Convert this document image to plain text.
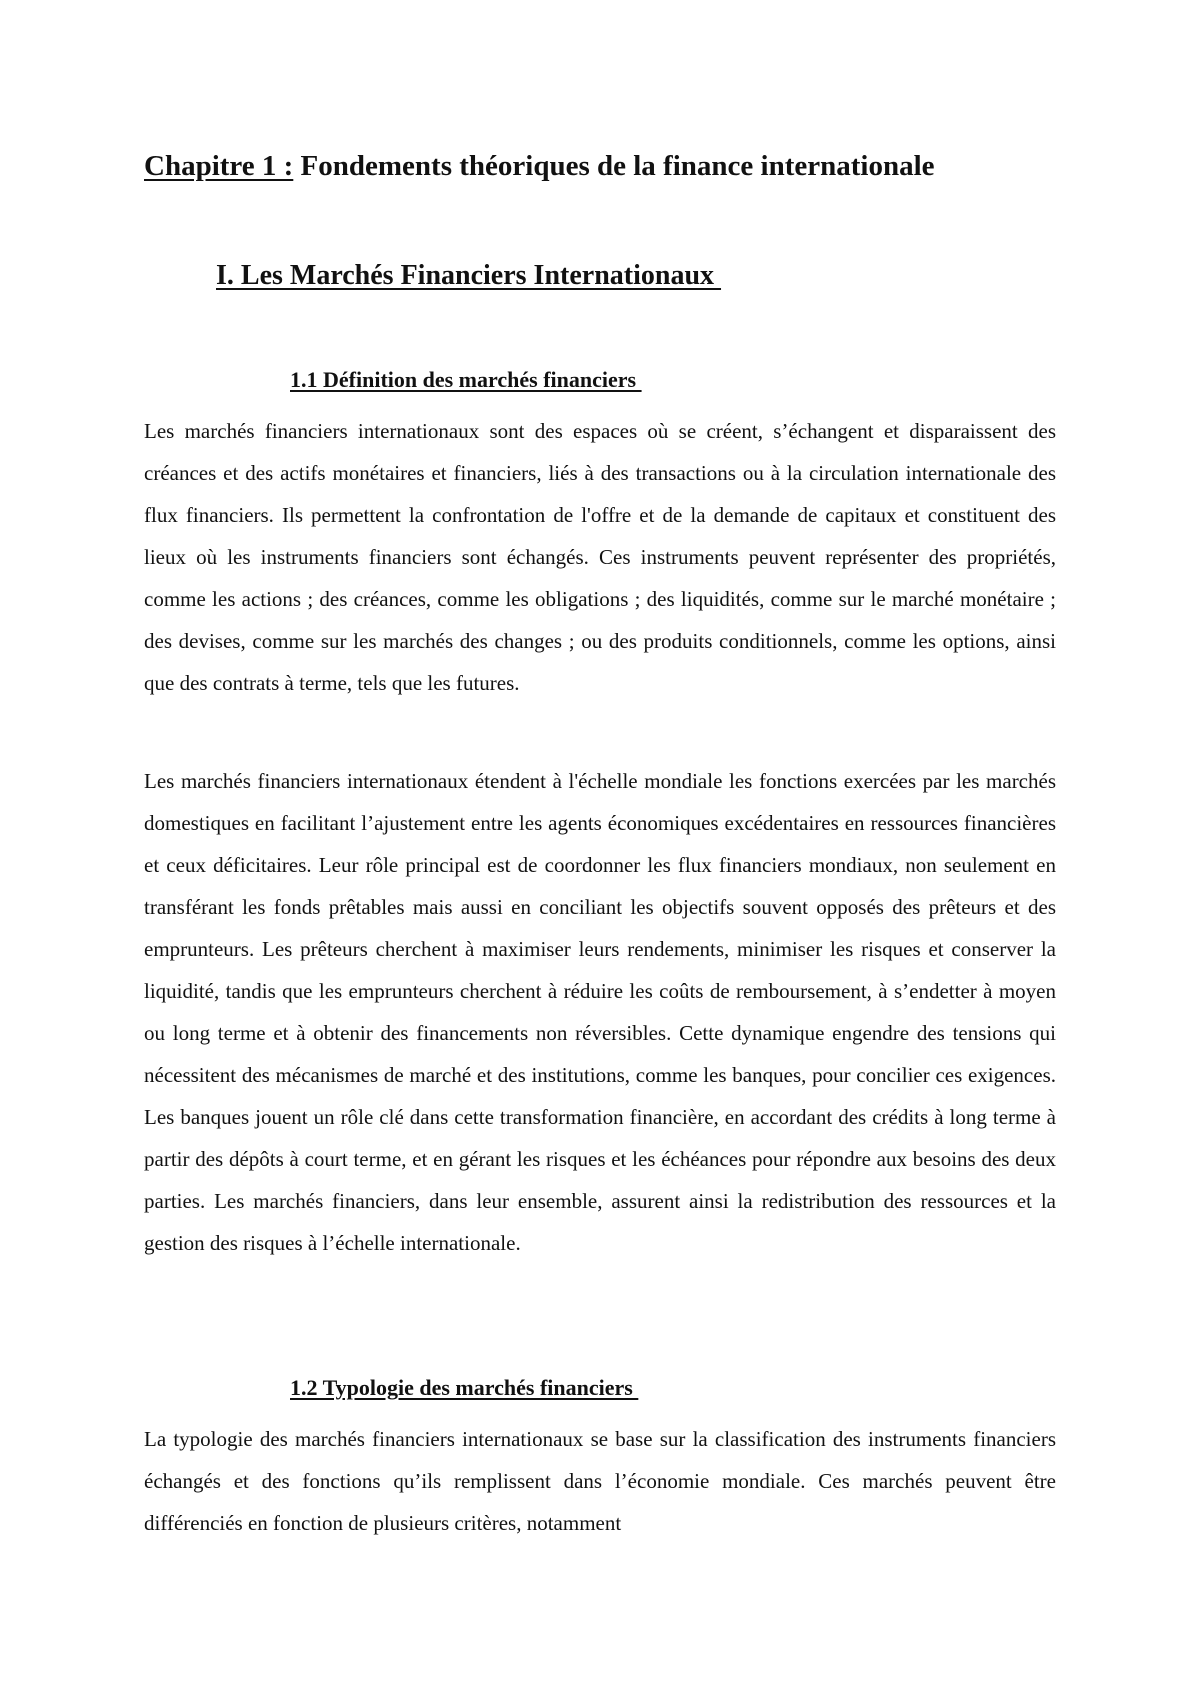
Chapitre 1 : Fondements théoriques de la finance internationale
I. Les Marchés Financiers Internationaux
1.1 Définition des marchés financiers

Les marchés financiers internationaux sont des espaces où se créent, s’échangent et disparaissent des créances et des actifs monétaires et financiers, liés à des transactions ou à la circulation internationale des flux financiers. Ils permettent la confrontation de l'offre et de la demande de capitaux et constituent des lieux où les instruments financiers sont échangés. Ces instruments peuvent représenter des propriétés, comme les actions ; des créances, comme les obligations ; des liquidités, comme sur le marché monétaire ; des devises, comme sur les marchés des changes ; ou des produits conditionnels, comme les options, ainsi que des contrats à terme, tels que les futures.

Les marchés financiers internationaux étendent à l'échelle mondiale les fonctions exercées par les marchés domestiques en facilitant l’ajustement entre les agents économiques excédentaires en ressources financières et ceux déficitaires. Leur rôle principal est de coordonner les flux financiers mondiaux, non seulement en transférant les fonds prêtables mais aussi en conciliant les objectifs souvent opposés des prêteurs et des emprunteurs. Les prêteurs cherchent à maximiser leurs rendements, minimiser les risques et conserver la liquidité, tandis que les emprunteurs cherchent à réduire les coûts de remboursement, à s’endetter à moyen ou long terme et à obtenir des financements non réversibles. Cette dynamique engendre des tensions qui nécessitent des mécanismes de marché et des institutions, comme les banques, pour concilier ces exigences. Les banques jouent un rôle clé dans cette transformation financière, en accordant des crédits à long terme à partir des dépôts à court terme, et en gérant les risques et les échéances pour répondre aux besoins des deux parties. Les marchés financiers, dans leur ensemble, assurent ainsi la redistribution des ressources et la gestion des risques à l’échelle internationale.

1.2 Typologie des marchés financiers

La typologie des marchés financiers internationaux se base sur la classification des instruments financiers échangés et des fonctions qu’ils remplissent dans l’économie mondiale. Ces marchés peuvent être différenciés en fonction de plusieurs critères, notamment
